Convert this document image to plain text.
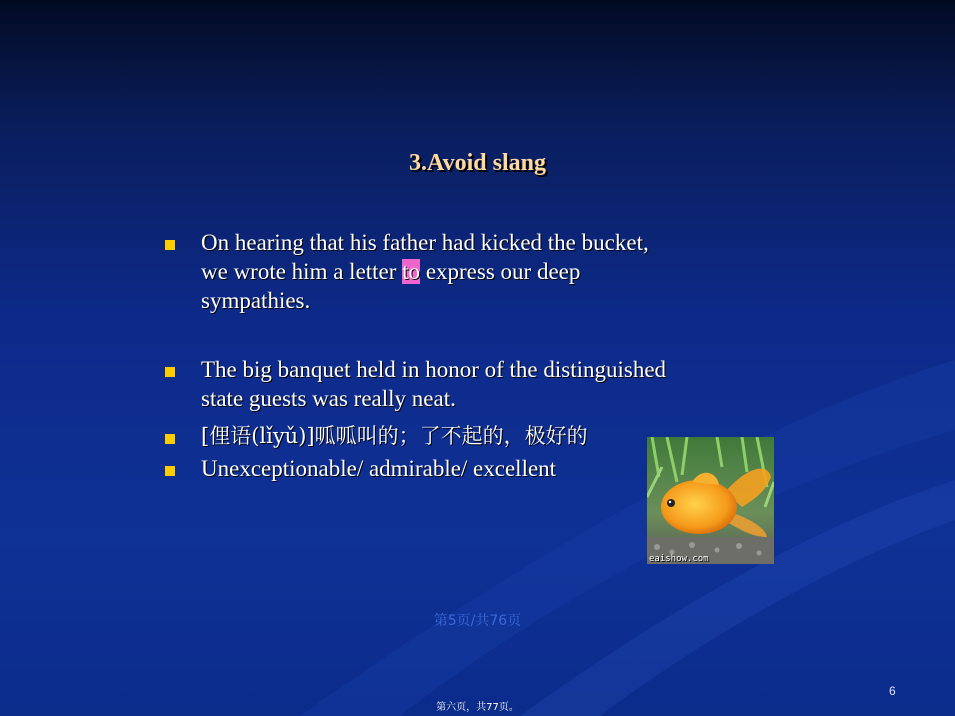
3.Avoid slang
On hearing that his father had kicked the bucket,
we wrote him a letter to express our deep
sympathies.
The big banquet held in honor of the distinguished
state guests was really neat.
[俚语(lǐyǔ)]呱呱叫的；了不起的，极好的
Unexceptionable/ admirable/ excellent
eaishow.com
第5页/共76页
6
第六页，共77页。
